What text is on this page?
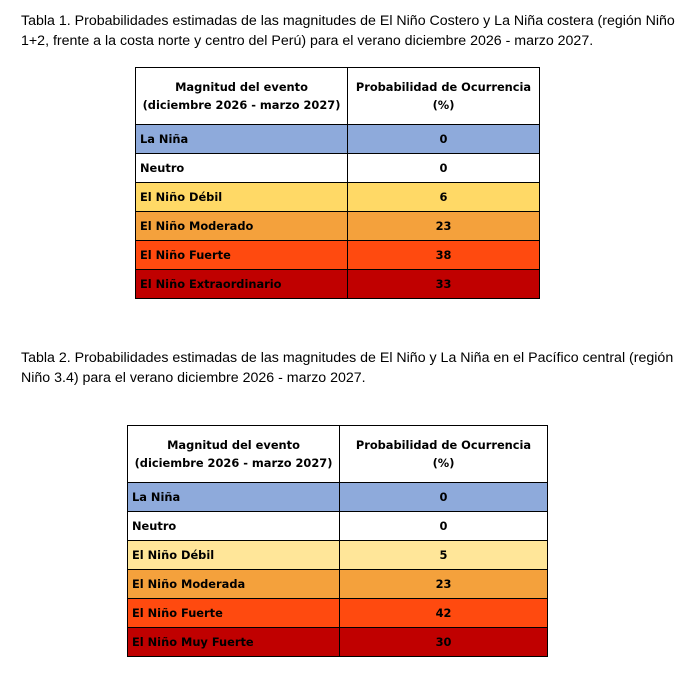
Tabla 1. Probabilidades estimadas de las magnitudes de El Niño Costero y La Niña costera (región Niño 1+2, frente a la costa norte y centro del Perú) para el verano diciembre 2026 - marzo 2027.
Magnitud del evento
(diciembre 2026 - marzo 2027)	Probabilidad de Ocurrencia
(%)
La Niña	0
Neutro	0
El Niño Débil	6
El Niño Moderado	23
El Niño Fuerte	38
El Niño Extraordinario	33
Tabla 2. Probabilidades estimadas de las magnitudes de El Niño y La Niña en el Pacífico central (región Niño 3.4) para el verano diciembre 2026 - marzo 2027.
Magnitud del evento
(diciembre 2026 - marzo 2027)	Probabilidad de Ocurrencia
(%)
La Niña	0
Neutro	0
El Niño Débil	5
El Niño Moderada	23
El Niño Fuerte	42
El Niño Muy Fuerte	30
